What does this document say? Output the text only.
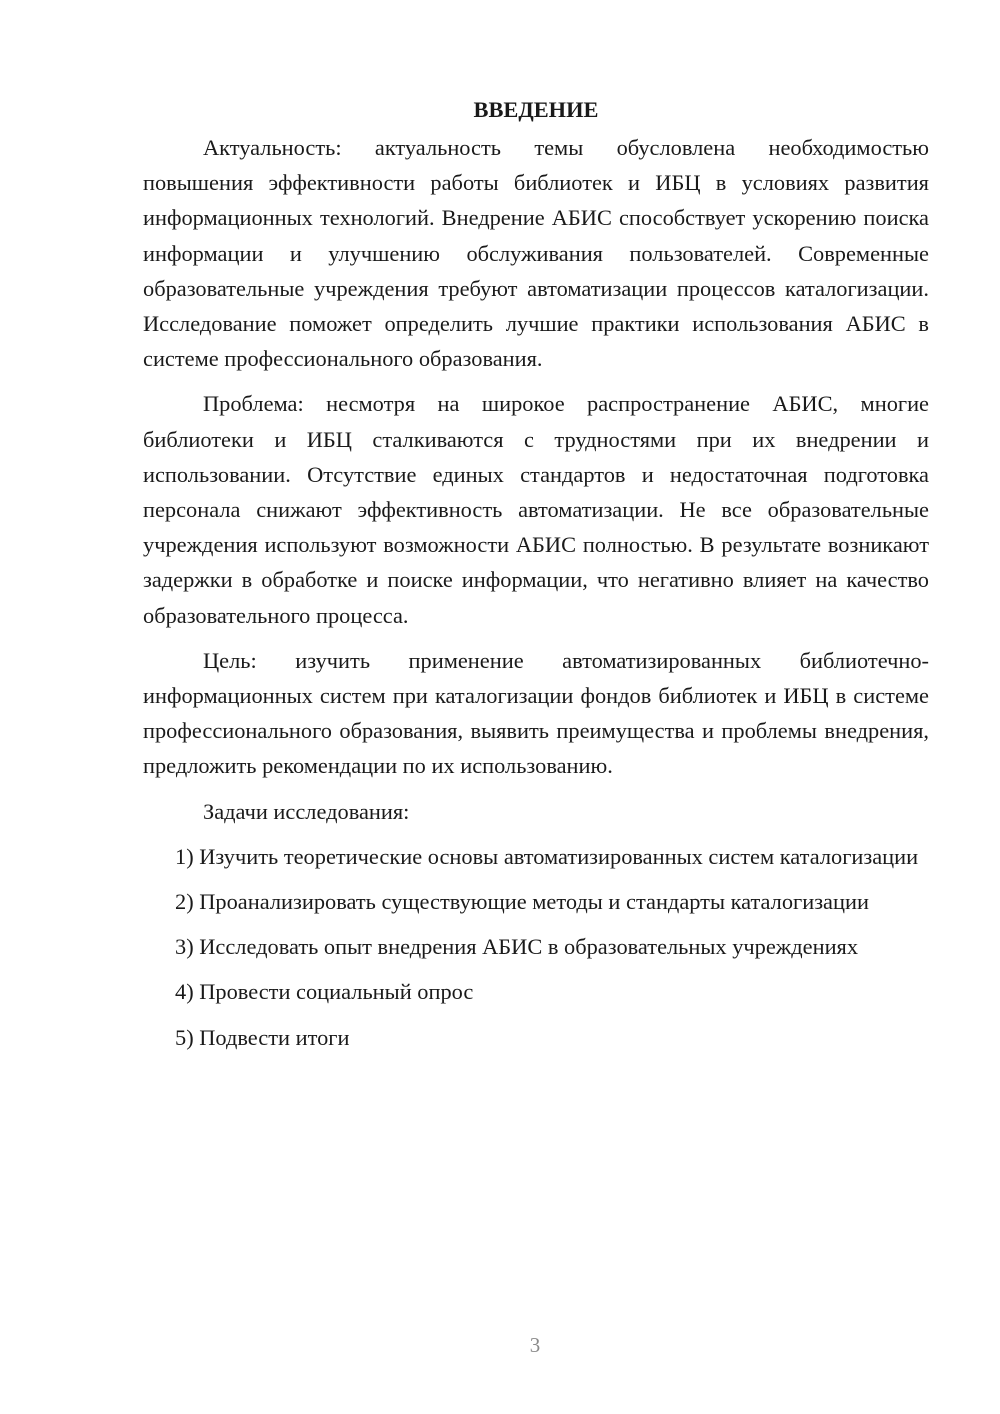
ВВЕДЕНИЕ

Актуальность: актуальность темы обусловлена необходимостью повышения эффективности работы библиотек и ИБЦ в условиях развития информационных технологий. Внедрение АБИС способствует ускорению поиска информации и улучшению обслуживания пользователей. Современные образовательные учреждения требуют автоматизации процессов каталогизации. Исследование поможет определить лучшие практики использования АБИС в системе профессионального образования.

Проблема: несмотря на широкое распространение АБИС, многие библиотеки и ИБЦ сталкиваются с трудностями при их внедрении и использовании. Отсутствие единых стандартов и недостаточная подготовка персонала снижают эффективность автоматизации. Не все образовательные учреждения используют возможности АБИС полностью. В результате возникают задержки в обработке и поиске информации, что негативно влияет на качество образовательного процесса.

Цель: изучить применение автоматизированных библиотечно-информационных систем при каталогизации фондов библиотек и ИБЦ в системе профессионального образования, выявить преимущества и проблемы внедрения, предложить рекомендации по их использованию.

Задачи исследования:

1) Изучить теоретические основы автоматизированных систем каталогизации

2) Проанализировать существующие методы и стандарты каталогизации

3) Исследовать опыт внедрения АБИС в образовательных учреждениях

4) Провести социальный опрос

5) Подвести итоги

3
